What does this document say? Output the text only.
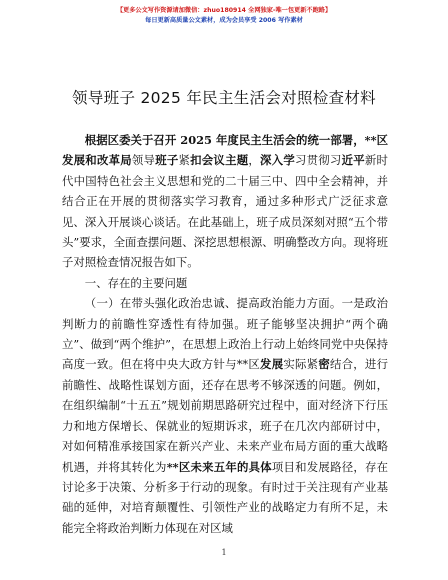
【更多公文写作资源请加微信：zhuo180914 全网独家-唯一包更新不跑路】
每日更新高质量公文素材，成为会员享受 2006 写作素材
领导班子 2025 年民主生活会对照检查材料

根据区委关于召开 2025 年度民主生活会的统一部署，**区发展和改革局领导班子紧扣会议主题，深入学习贯彻习近平新时代中国特色社会主义思想和党的二十届三中、四中全会精神，并结合正在开展的贯彻落实学习教育，通过多种形式广泛征求意见、深入开展谈心谈话。在此基础上，班子成员深刻对照“五个带头”要求，全面查摆问题、深挖思想根源、明确整改方向。现将班子对照检查情况报告如下。

一、存在的主要问题

（一）在带头强化政治忠诚、提高政治能力方面。一是政治判断力的前瞻性穿透性有待加强。班子能够坚决拥护“两个确立”、做到“两个维护”，在思想上政治上行动上始终同党中央保持高度一致。但在将中央大政方针与**区发展实际紧密结合，进行前瞻性、战略性谋划方面，还存在思考不够深透的问题。例如，在组织编制“十五五”规划前期思路研究过程中，面对经济下行压力和地方保增长、保就业的短期诉求，班子在几次内部研讨中，对如何精准承接国家在新兴产业、未来产业布局方面的重大战略机遇，并将其转化为**区未来五年的具体项目和发展路径，存在讨论多于决策、分析多于行动的现象。有时过于关注现有产业基础的延伸，对培育颠覆性、引领性产业的战略定力有所不足，未能完全将政治判断力体现在对区域

1
